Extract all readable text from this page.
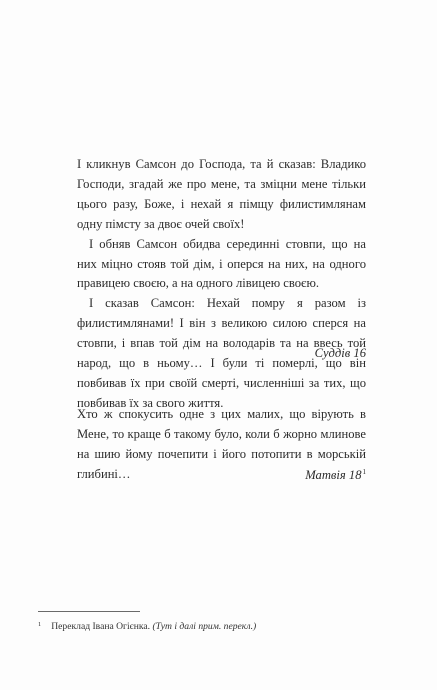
І кликнув Самсон до Господа, та й сказав: Владико Господи, згадай же про мене, та зміцни мене тільки цього разу, Боже, і нехай я пімщу филистимлянам одну пімсту за двоє очей своїх!

І обняв Самсон обидва серединні стовпи, що на них міцно стояв той дім, і оперся на них, на одного правицею своєю, а на одного лівицею своєю.

І сказав Самсон: Нехай помру я разом із филистимлянами! І він з великою силою сперся на стовпи, і впав той дім на володарів та на ввесь той народ, що в ньому… І були ті померлі, що він повбивав їх при своїй смерті, численніші за тих, що повбивав їх за свого життя.

Суддів 16

Хто ж спокусить одне з цих малих, що вірують в Мене, то краще б такому було, коли б жорно млинове на шию йому почепити і його потопити в морській глибині…	Матвія $18^1$
$^1$ Переклад Івана Огієнка. (Тут і далі прим. перекл.)
